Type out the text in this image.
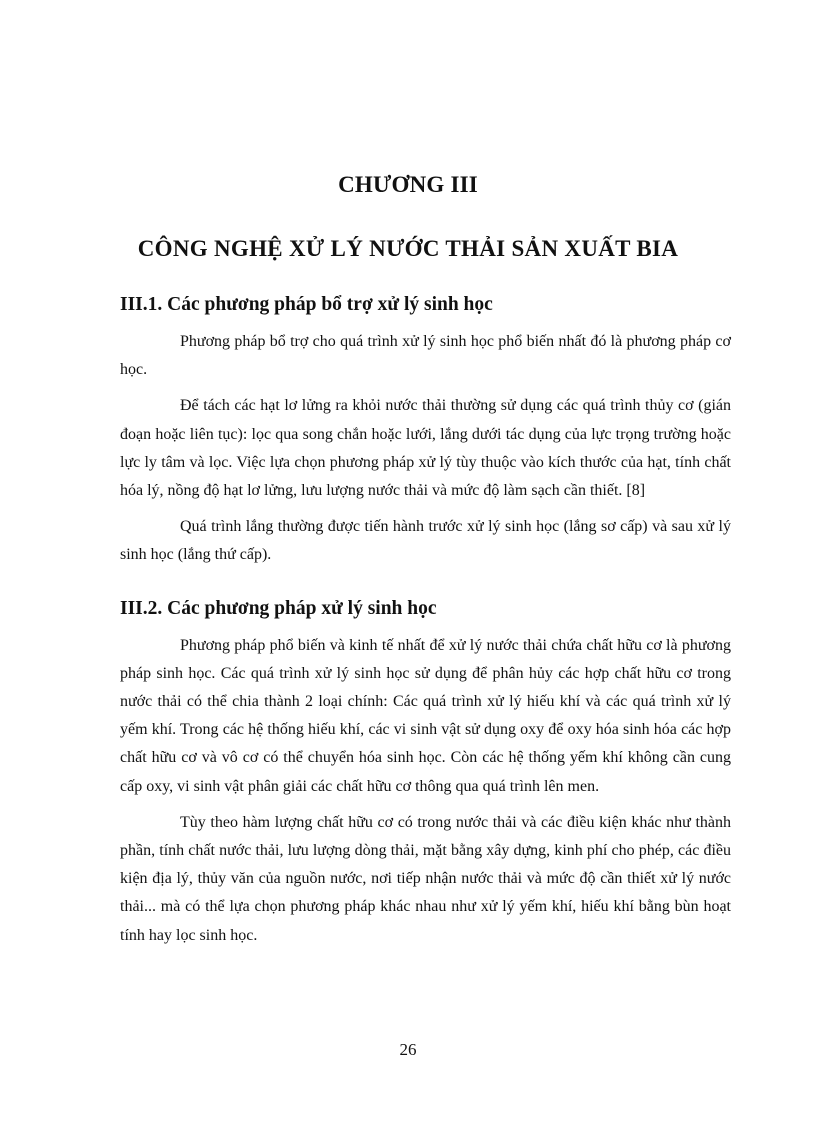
CHƯƠNG III
CÔNG NGHỆ XỬ LÝ NƯỚC THẢI SẢN XUẤT BIA
III.1. Các phương pháp bổ trợ xử lý sinh học

Phương pháp bổ trợ cho quá trình xử lý sinh học phổ biến nhất đó là phương pháp cơ học.

Để tách các hạt lơ lửng ra khỏi nước thải thường sử dụng các quá trình thủy cơ (gián đoạn hoặc liên tục): lọc qua song chắn hoặc lưới, lắng dưới tác dụng của lực trọng trường hoặc lực ly tâm và lọc. Việc lựa chọn phương pháp xử lý tùy thuộc vào kích thước của hạt, tính chất hóa lý, nồng độ hạt lơ lửng, lưu lượng nước thải và mức độ làm sạch cần thiết. [8]

Quá trình lắng thường được tiến hành trước xử lý sinh học (lắng sơ cấp) và sau xử lý sinh học (lắng thứ cấp).

III.2. Các phương pháp xử lý sinh học

Phương pháp phổ biến và kinh tế nhất để xử lý nước thải chứa chất hữu cơ là phương pháp sinh học. Các quá trình xử lý sinh học sử dụng để phân hủy các hợp chất hữu cơ trong nước thải có thể chia thành 2 loại chính: Các quá trình xử lý hiếu khí và các quá trình xử lý yếm khí. Trong các hệ thống hiếu khí, các vi sinh vật sử dụng oxy để oxy hóa sinh hóa các hợp chất hữu cơ và vô cơ có thể chuyển hóa sinh học. Còn các hệ thống yếm khí không cần cung cấp oxy, vi sinh vật phân giải các chất hữu cơ thông qua quá trình lên men.

Tùy theo hàm lượng chất hữu cơ có trong nước thải và các điều kiện khác như thành phần, tính chất nước thải, lưu lượng dòng thải, mặt bằng xây dựng, kinh phí cho phép, các điều kiện địa lý, thủy văn của nguồn nước, nơi tiếp nhận nước thải và mức độ cần thiết xử lý nước thải... mà có thể lựa chọn phương pháp khác nhau như xử lý yếm khí, hiếu khí bằng bùn hoạt tính hay lọc sinh học.

26
